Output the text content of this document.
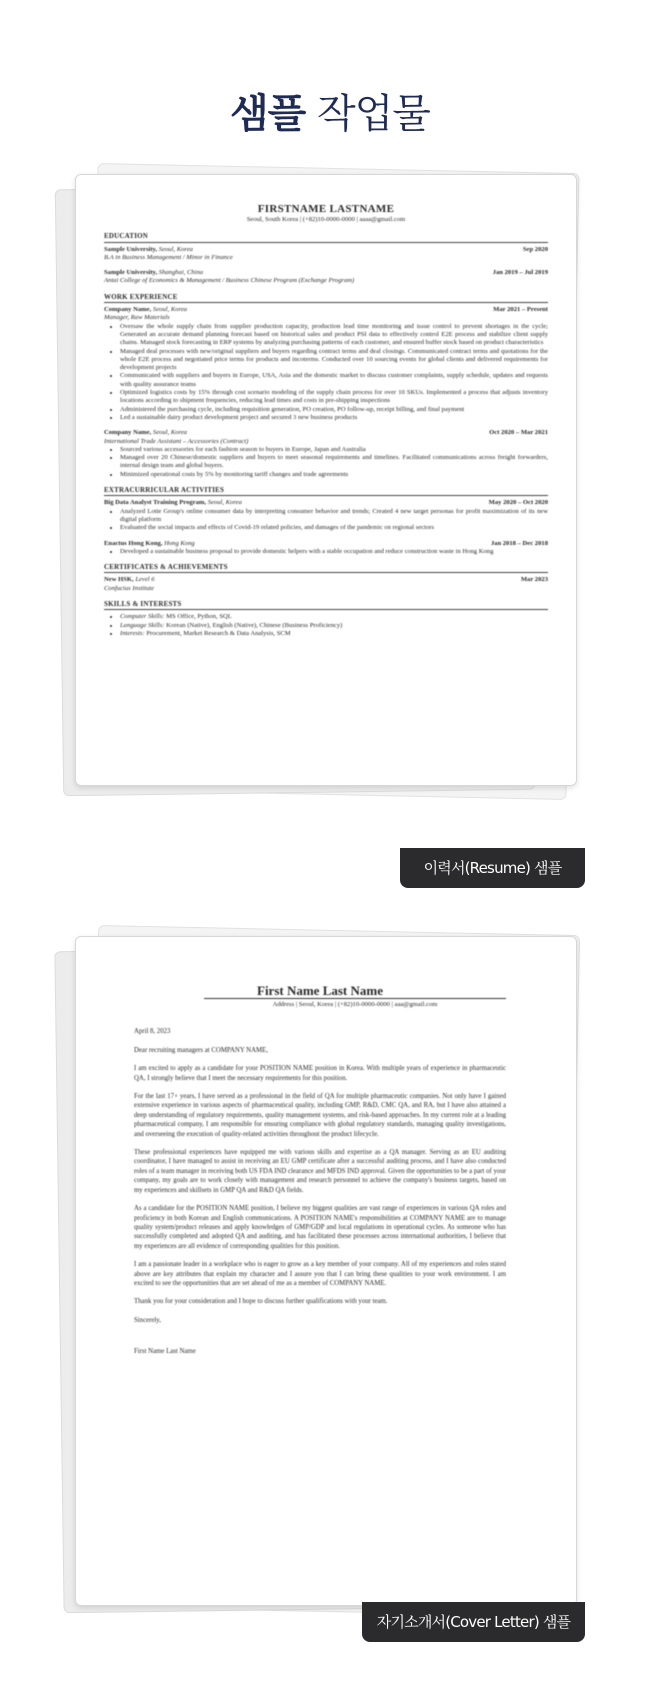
샘플 작업물
FIRSTNAME LASTNAME
Seoul, South Korea | (+82)10-0000-0000 | aaaa@gmail.com
EDUCATION
Sample University, Seoul, Korea	Sep 2020
B.A in Business Management / Minor in Finance
Sample University, Shanghai, China	Jan 2019 – Jul 2019
Antai College of Economics & Management / Business Chinese Program (Exchange Program)
WORK EXPERIENCE
Company Name, Seoul, Korea	Mar 2021 – Present
Manager, Raw Materials
• Oversaw the whole supply chain from supplier production capacity, production lead time monitoring and issue control to prevent shortages in the cycle; Generated an accurate demand planning forecast based on historical sales and product PSI data to effectively control E2E process and stabilize client supply chains. Managed stock forecasting in ERP systems by analyzing purchasing patterns of each customer, and ensured buffer stock based on product characteristics
• Managed deal processes with new/original suppliers and buyers regarding contract terms and deal closings. Communicated contract terms and quotations for the whole E2E process and negotiated price terms for products and incoterms. Conducted over 10 sourcing events for global clients and delivered requirements for development projects
• Communicated with suppliers and buyers in Europe, USA, Asia and the domestic market to discuss customer complaints, supply schedule, updates and requests with quality assurance teams
• Optimized logistics costs by 15% through cost scenario modeling of the supply chain process for over 10 SKUs. Implemented a process that adjusts inventory locations according to shipment frequencies, reducing lead times and costs in pre-shipping inspections
• Administered the purchasing cycle, including requisition generation, PO creation, PO follow-up, receipt billing, and final payment
• Led a sustainable dairy product development project and secured 3 new business products
Company Name, Seoul, Korea	Oct 2020 – Mar 2021
International Trade Assistant – Accessories (Contract)
• Sourced various accessories for each fashion season to buyers in Europe, Japan and Australia
• Managed over 20 Chinese/domestic suppliers and buyers to meet seasonal requirements and timelines. Facilitated communications across freight forwarders, internal design team and global buyers.
• Minimized operational costs by 5% by monitoring tariff changes and trade agreements
EXTRACURRICULAR ACTIVITIES
Big Data Analyst Training Program, Seoul, Korea	May 2020 – Oct 2020
• Analyzed Lotte Group's online consumer data by interpreting consumer behavior and trends; Created 4 new target personas for profit maximization of its new digital platform
• Evaluated the social impacts and effects of Covid-19 related policies, and damages of the pandemic on regional sectors
Enactus Hong Kong, Hong Kong	Jan 2018 – Dec 2018
• Developed a sustainable business proposal to provide domestic helpers with a stable occupation and reduce construction waste in Hong Kong
CERTIFICATES & ACHIEVEMENTS
New HSK, Level 6	Mar 2023
Confucius Institute
SKILLS & INTERESTS
• Computer Skills: MS Office, Python, SQL
• Language Skills: Korean (Native), English (Native), Chinese (Business Proficiency)
• Interests: Procurement, Market Research & Data Analysis, SCM
이력서(Resume) 샘플
First Name Last Name
Address | Seoul, Korea | (+82)10-0000-0000 | aaa@gmail.com

April 8, 2023

Dear recruiting managers at COMPANY NAME,

I am excited to apply as a candidate for your POSITION NAME position in Korea. With multiple years of experience in pharmaceutic QA, I strongly believe that I meet the necessary requirements for this position.

For the last 17+ years, I have served as a professional in the field of QA for multiple pharmaceutic companies. Not only have I gained extensive experience in various aspects of pharmaceutical quality, including GMP, R&D, CMC QA, and RA, but I have also attained a deep understanding of regulatory requirements, quality management systems, and risk-based approaches. In my current role at a leading pharmaceutical company, I am responsible for ensuring compliance with global regulatory standards, managing quality investigations, and overseeing the execution of quality-related activities throughout the product lifecycle.

These professional experiences have equipped me with various skills and expertise as a QA manager. Serving as an EU auditing coordinator, I have managed to assist in receiving an EU GMP certificate after a successful auditing process, and I have also conducted roles of a team manager in receiving both US FDA IND clearance and MFDS IND approval. Given the opportunities to be a part of your company, my goals are to work closely with management and research personnel to achieve the company's business targets, based on my experiences and skillsets in GMP QA and R&D QA fields.

As a candidate for the POSITION NAME position, I believe my biggest qualities are vast range of experiences in various QA roles and proficiency in both Korean and English communications. A POSITION NAME's responsibilities at COMPANY NAME are to manage quality system/product releases and apply knowledges of GMP/GDP and local regulations in operational cycles. As someone who has successfully completed and adopted QA and auditing, and has facilitated these processes across international authorities, I believe that my experiences are all evidence of corresponding qualities for this position.

I am a passionate leader in a workplace who is eager to grow as a key member of your company. All of my experiences and roles stated above are key attributes that explain my character and I assure you that I can bring these qualities to your work environment. I am excited to see the opportunities that are set ahead of me as a member of COMPANY NAME.

Thank you for your consideration and I hope to discuss further qualifications with your team.

Sincerely,

First Name Last Name

자기소개서(Cover Letter) 샘플
